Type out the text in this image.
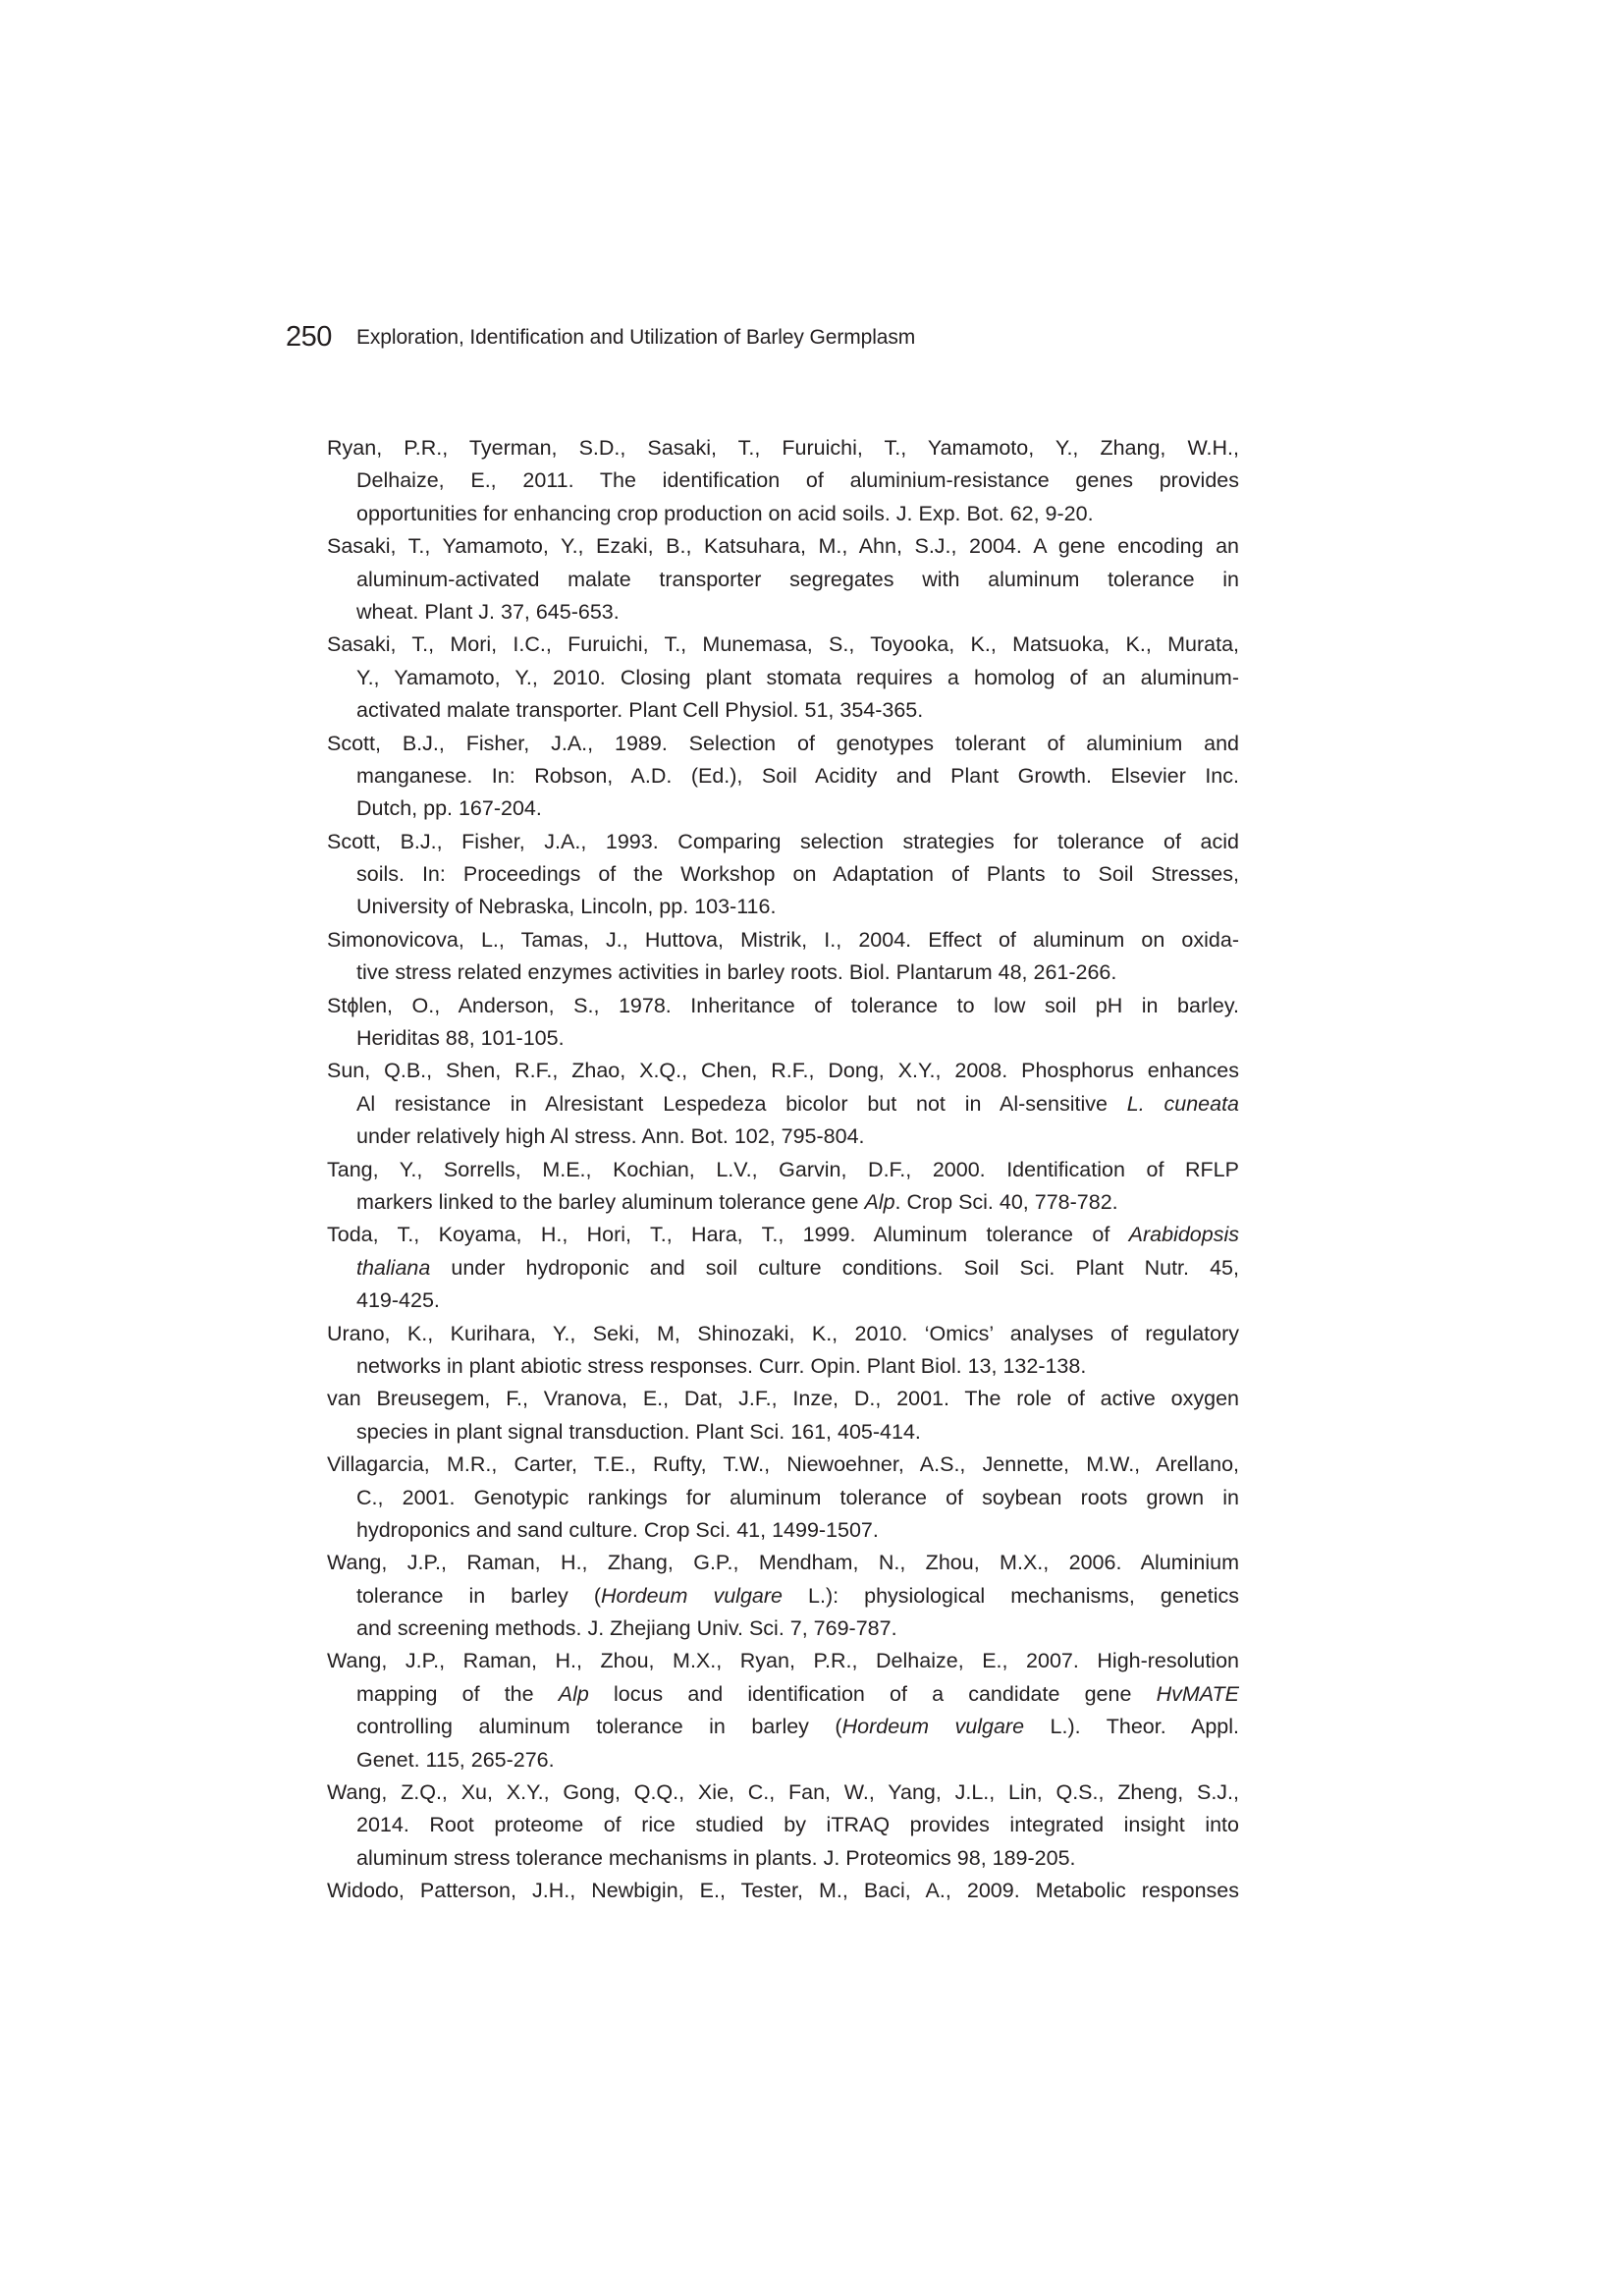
250 Exploration, Identification and Utilization of Barley Germplasm
Ryan, P.R., Tyerman, S.D., Sasaki, T., Furuichi, T., Yamamoto, Y., Zhang, W.H.,
Delhaize, E., 2011. The identification of aluminium-resistance genes provides
opportunities for enhancing crop production on acid soils. J. Exp. Bot. 62, 9-20.
Sasaki, T., Yamamoto, Y., Ezaki, B., Katsuhara, M., Ahn, S.J., 2004. A gene encoding an
aluminum-activated malate transporter segregates with aluminum tolerance in
wheat. Plant J. 37, 645-653.
Sasaki, T., Mori, I.C., Furuichi, T., Munemasa, S., Toyooka, K., Matsuoka, K., Murata,
Y., Yamamoto, Y., 2010. Closing plant stomata requires a homolog of an aluminum-
activated malate transporter. Plant Cell Physiol. 51, 354-365.
Scott, B.J., Fisher, J.A., 1989. Selection of genotypes tolerant of aluminium and
manganese. In: Robson, A.D. (Ed.), Soil Acidity and Plant Growth. Elsevier Inc.
Dutch, pp. 167-204.
Scott, B.J., Fisher, J.A., 1993. Comparing selection strategies for tolerance of acid
soils. In: Proceedings of the Workshop on Adaptation of Plants to Soil Stresses,
University of Nebraska, Lincoln, pp. 103-116.
Simonovicova, L., Tamas, J., Huttova, Mistrik, I., 2004. Effect of aluminum on oxida-
tive stress related enzymes activities in barley roots. Biol. Plantarum 48, 261-266.
Stϕlen, O., Anderson, S., 1978. Inheritance of tolerance to low soil pH in barley.
Heriditas 88, 101-105.
Sun, Q.B., Shen, R.F., Zhao, X.Q., Chen, R.F., Dong, X.Y., 2008. Phosphorus enhances
Al resistance in Alresistant Lespedeza bicolor but not in Al-sensitive L. cuneata
under relatively high Al stress. Ann. Bot. 102, 795-804.
Tang, Y., Sorrells, M.E., Kochian, L.V., Garvin, D.F., 2000. Identification of RFLP
markers linked to the barley aluminum tolerance gene Alp. Crop Sci. 40, 778-782.
Toda, T., Koyama, H., Hori, T., Hara, T., 1999. Aluminum tolerance of Arabidopsis
thaliana under hydroponic and soil culture conditions. Soil Sci. Plant Nutr. 45,
419-425.
Urano, K., Kurihara, Y., Seki, M, Shinozaki, K., 2010. ‘Omics’ analyses of regulatory
networks in plant abiotic stress responses. Curr. Opin. Plant Biol. 13, 132-138.
van Breusegem, F., Vranova, E., Dat, J.F., Inze, D., 2001. The role of active oxygen
species in plant signal transduction. Plant Sci. 161, 405-414.
Villagarcia, M.R., Carter, T.E., Rufty, T.W., Niewoehner, A.S., Jennette, M.W., Arellano,
C., 2001. Genotypic rankings for aluminum tolerance of soybean roots grown in
hydroponics and sand culture. Crop Sci. 41, 1499-1507.
Wang, J.P., Raman, H., Zhang, G.P., Mendham, N., Zhou, M.X., 2006. Aluminium
tolerance in barley (Hordeum vulgare L.): physiological mechanisms, genetics
and screening methods. J. Zhejiang Univ. Sci. 7, 769-787.
Wang, J.P., Raman, H., Zhou, M.X., Ryan, P.R., Delhaize, E., 2007. High-resolution
mapping of the Alp locus and identification of a candidate gene HvMATE
controlling aluminum tolerance in barley (Hordeum vulgare L.). Theor. Appl.
Genet. 115, 265-276.
Wang, Z.Q., Xu, X.Y., Gong, Q.Q., Xie, C., Fan, W., Yang, J.L., Lin, Q.S., Zheng, S.J.,
2014. Root proteome of rice studied by iTRAQ provides integrated insight into
aluminum stress tolerance mechanisms in plants. J. Proteomics 98, 189-205.
Widodo, Patterson, J.H., Newbigin, E., Tester, M., Baci, A., 2009. Metabolic responses
